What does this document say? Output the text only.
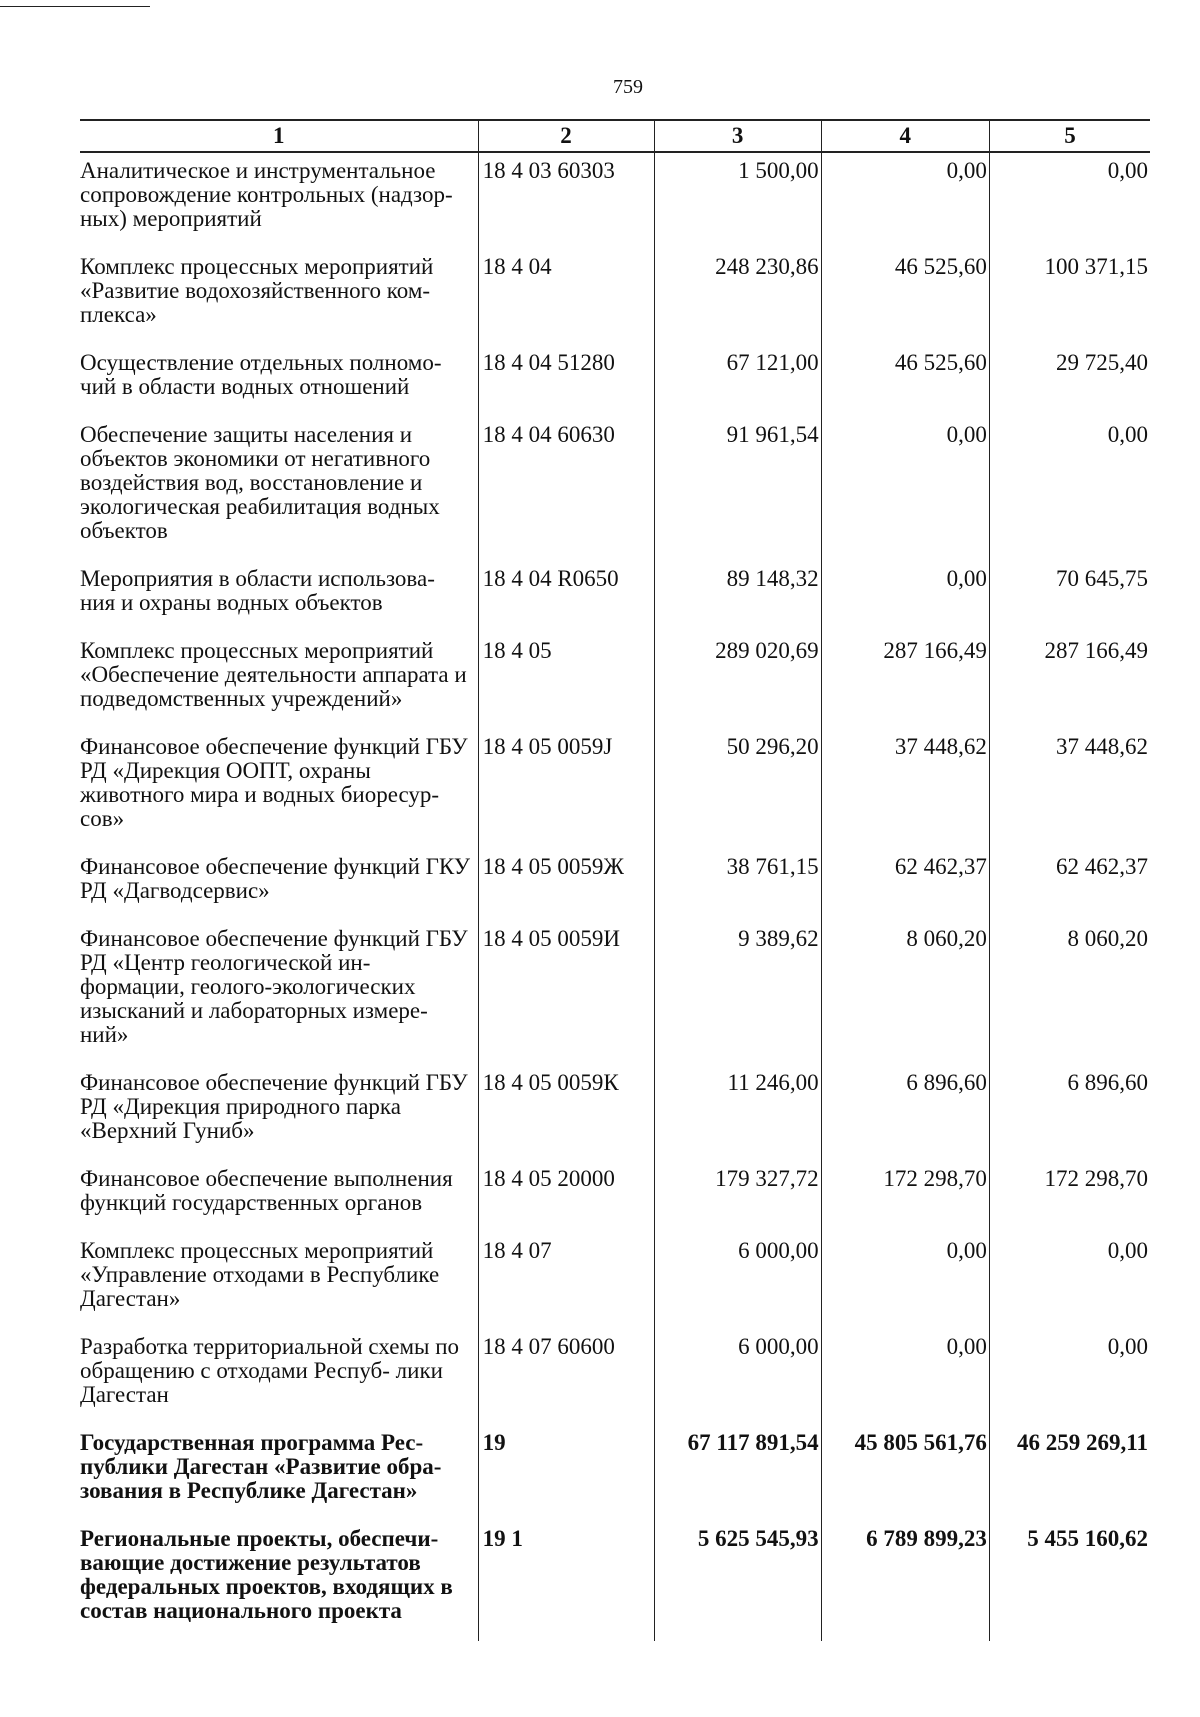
759
1	2	3	4	5
Аналитическое и инструментальное сопровождение контрольных (надзор- ных) мероприятий	18 4 03 60303	1 500,00	0,00	0,00
Комплекс процессных мероприятий «Развитие водохозяйственного ком- плекса»	18 4 04	248 230,86	46 525,60	100 371,15
Осуществление отдельных полномо- чий в области водных отношений	18 4 04 51280	67 121,00	46 525,60	29 725,40
Обеспечение защиты населения и объектов экономики от негативного воздействия вод, восстановление и экологическая реабилитация водных объектов	18 4 04 60630	91 961,54	0,00	0,00
Мероприятия в области использова- ния и охраны водных объектов	18 4 04 R0650	89 148,32	0,00	70 645,75
Комплекс процессных мероприятий «Обеспечение деятельности аппарата и подведомственных учреждений»	18 4 05	289 020,69	287 166,49	287 166,49
Финансовое обеспечение функций ГБУ РД «Дирекция ООПТ, охраны животного мира и водных биоресур- сов»	18 4 05 0059J	50 296,20	37 448,62	37 448,62
Финансовое обеспечение функций ГКУ РД «Дагводсервис»	18 4 05 0059Ж	38 761,15	62 462,37	62 462,37
Финансовое обеспечение функций ГБУ РД «Центр геологической ин- формации, геолого-экологических изысканий и лабораторных измере- ний»	18 4 05 0059И	9 389,62	8 060,20	8 060,20
Финансовое обеспечение функций ГБУ РД «Дирекция природного парка «Верхний Гуниб»	18 4 05 0059К	11 246,00	6 896,60	6 896,60
Финансовое обеспечение выполнения функций государственных органов	18 4 05 20000	179 327,72	172 298,70	172 298,70
Комплекс процессных мероприятий «Управление отходами в Республике Дагестан»	18 4 07	6 000,00	0,00	0,00
Разработка территориальной схемы по обращению с отходами Респуб- лики Дагестан	18 4 07 60600	6 000,00	0,00	0,00
Государственная программа Рес- публики Дагестан «Развитие обра- зования в Республике Дагестан»	19	67 117 891,54	45 805 561,76	46 259 269,11
Региональные проекты, обеспечи- вающие достижение результатов федеральных проектов, входящих в состав национального проекта	19 1	5 625 545,93	6 789 899,23	5 455 160,62
